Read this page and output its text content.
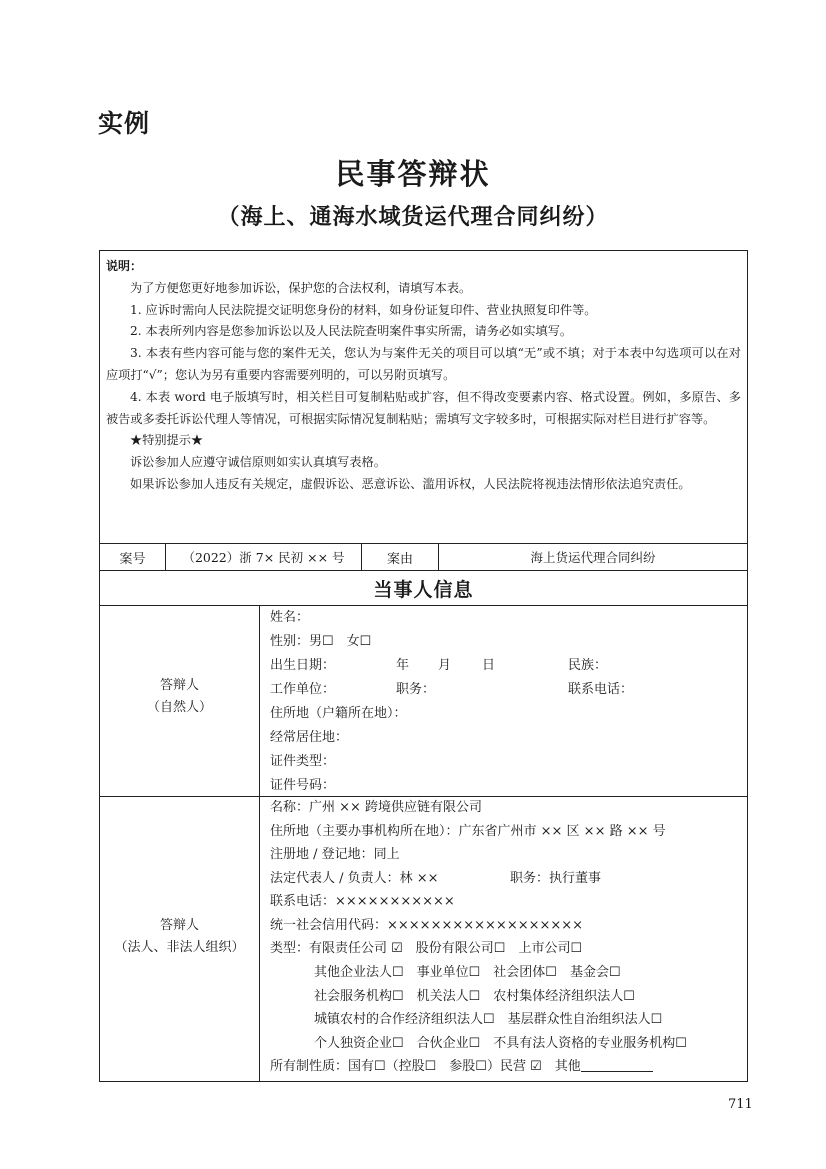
实例
民事答辩状
（海上、通海水域货运代理合同纠纷）
说明：

为了方便您更好地参加诉讼，保护您的合法权利，请填写本表。

1. 应诉时需向人民法院提交证明您身份的材料，如身份证复印件、营业执照复印件等。

2. 本表所列内容是您参加诉讼以及人民法院查明案件事实所需，请务必如实填写。

3. 本表有些内容可能与您的案件无关，您认为与案件无关的项目可以填“无”或不填；对于本表中勾选项可以在对应项打“√”；您认为另有重要内容需要列明的，可以另附页填写。

4. 本表 word 电子版填写时，相关栏目可复制粘贴或扩容，但不得改变要素内容、格式设置。例如，多原告、多被告或多委托诉讼代理人等情况，可根据实际情况复制粘贴；需填写文字较多时，可根据实际对栏目进行扩容等。

★特别提示★

诉讼参加人应遵守诚信原则如实认真填写表格。

如果诉讼参加人违反有关规定，虚假诉讼、恶意诉讼、滥用诉权，人民法院将视违法情形依法追究责任。

案号	（2022）浙 7× 民初 ×× 号	案由	海上货运代理合同纠纷
当事人信息
答辩人
（自然人）
姓名：
性别：男☐　女☐
出生日期：	年 月 日	民族：
工作单位：	职务：	联系电话：
住所地（户籍所在地）：
经常居住地：
证件类型：
证件号码：
答辩人
（法人、非法人组织）
名称：广州 ×× 跨境供应链有限公司
住所地（主要办事机构所在地）：广东省广州市 ×× 区 ×× 路 ×× 号
注册地 / 登记地：同上
法定代表人 / 负责人：林 ××	职务：执行董事
联系电话：×××××××××××
统一社会信用代码：××××××××××××××××××
类型：有限责任公司 ☑　股份有限公司☐　上市公司☐
其他企业法人☐　事业单位☐　社会团体☐　基金会☐
社会服务机构☐　机关法人☐　农村集体经济组织法人☐
城镇农村的合作经济组织法人☐　基层群众性自治组织法人☐
个人独资企业☐　合伙企业☐　不具有法人资格的专业服务机构☐
所有制性质：国有☐（控股☐　参股☐）民营 ☑　其他
711
